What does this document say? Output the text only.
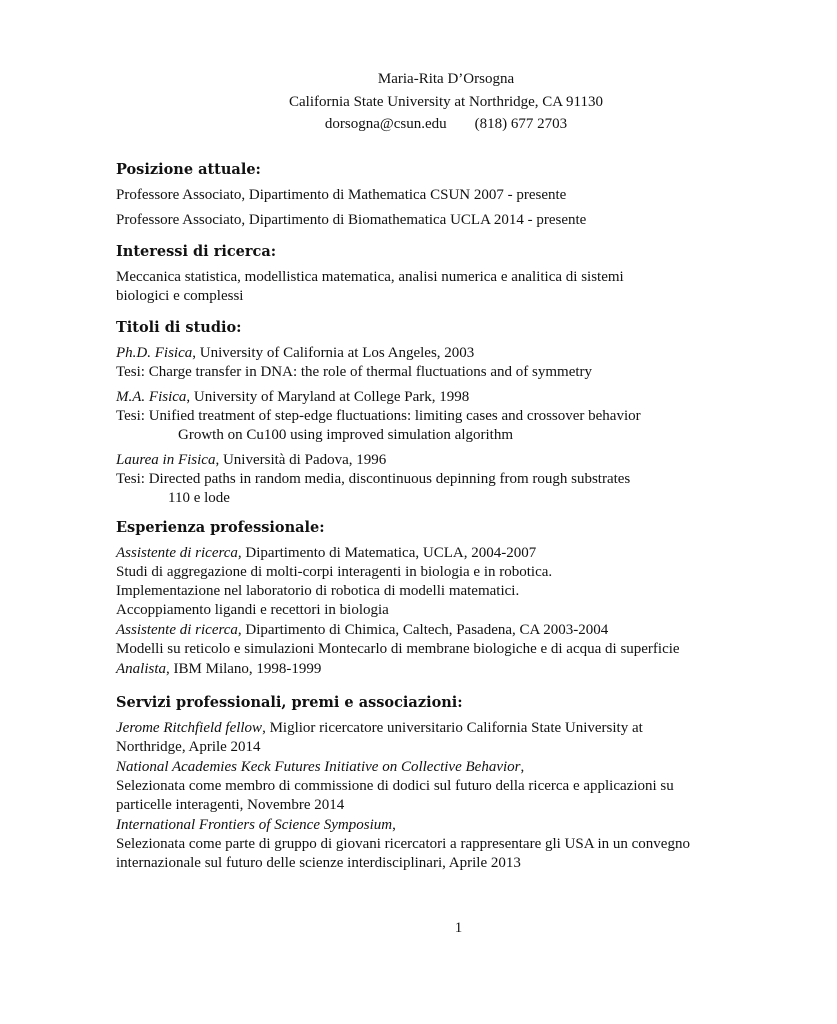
Maria-Rita D’Orsogna
California State University at Northridge, CA 91130
dorsogna@csun.edu (818) 677 2703
Posizione attuale:

Professore Associato, Dipartimento di Mathematica CSUN 2007 - presente

Professore Associato, Dipartimento di Biomathematica UCLA 2014 - presente

Interessi di ricerca:
Meccanica statistica, modellistica matematica, analisi numerica e analitica di sistemi
biologici e complessi
Titoli di studio:
Ph.D. Fisica, University of California at Los Angeles, 2003
Tesi: Charge transfer in DNA: the role of thermal fluctuations and of symmetry
M.A. Fisica, University of Maryland at College Park, 1998
Tesi: Unified treatment of step-edge fluctuations: limiting cases and crossover behavior
Growth on Cu100 using improved simulation algorithm
Laurea in Fisica, Università di Padova, 1996
Tesi: Directed paths in random media, discontinuous depinning from rough substrates
110 e lode
Esperienza professionale:
Assistente di ricerca, Dipartimento di Matematica, UCLA, 2004-2007
Studi di aggregazione di molti-corpi interagenti in biologia e in robotica.
Implementazione nel laboratorio di robotica di modelli matematici.
Accoppiamento ligandi e recettori in biologia
Assistente di ricerca, Dipartimento di Chimica, Caltech, Pasadena, CA 2003-2004
Modelli su reticolo e simulazioni Montecarlo di membrane biologiche e di acqua di superficie
Analista, IBM Milano, 1998-1999
Servizi professionali, premi e associazioni:
Jerome Ritchfield fellow, Miglior ricercatore universitario California State University at
Northridge, Aprile 2014
National Academies Keck Futures Initiative on Collective Behavior,
Selezionata come membro di commissione di dodici sul futuro della ricerca e applicazioni su
particelle interagenti, Novembre 2014
International Frontiers of Science Symposium,
Selezionata come parte di gruppo di giovani ricercatori a rappresentare gli USA in un convegno
internazionale sul futuro delle scienze interdisciplinari, Aprile 2013
1
